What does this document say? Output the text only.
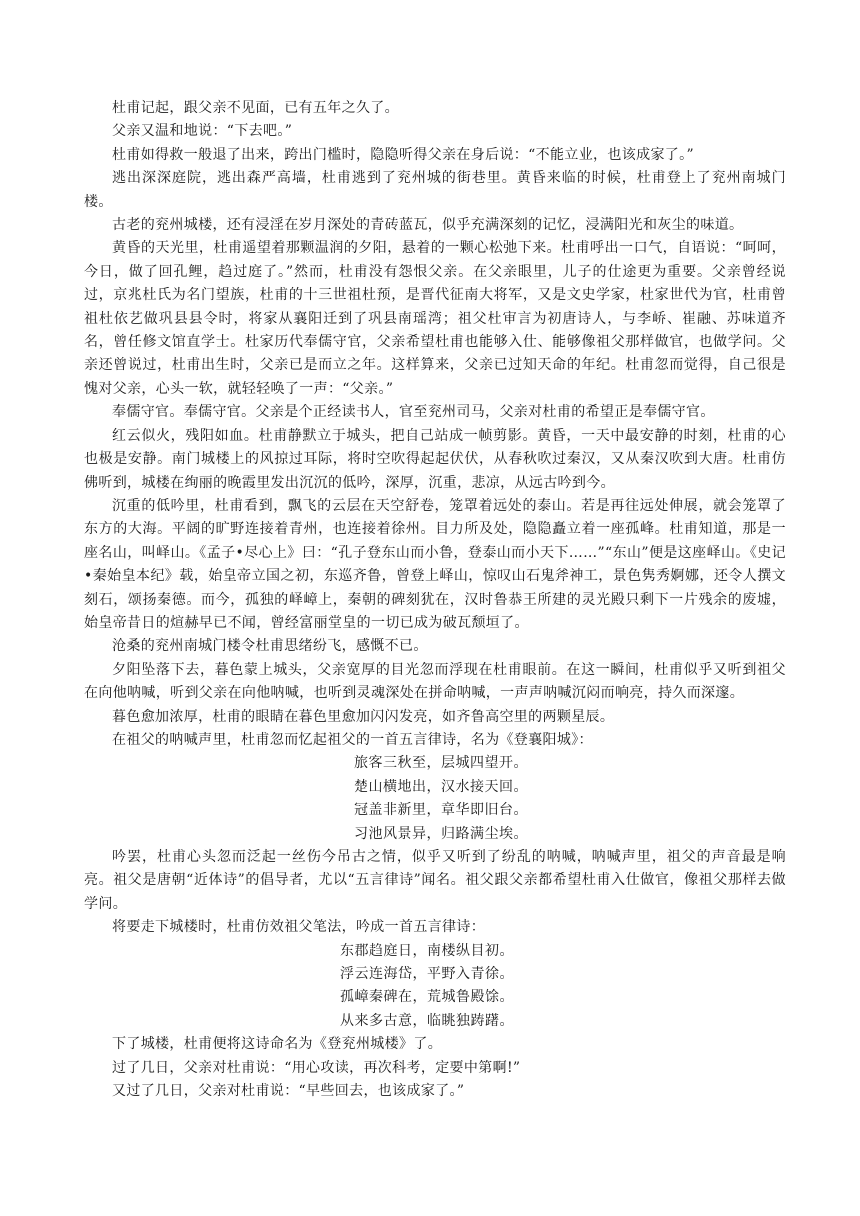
杜甫记起，跟父亲不见面，已有五年之久了。

父亲又温和地说：“下去吧。”

杜甫如得救一般退了出来，跨出门槛时，隐隐听得父亲在身后说：“不能立业，也该成家了。”

逃出深深庭院，逃出森严高墙，杜甫逃到了兖州城的街巷里。黄昏来临的时候，杜甫登上了兖州南城门楼。

古老的兖州城楼，还有浸淫在岁月深处的青砖蓝瓦，似乎充满深刻的记忆，浸满阳光和灰尘的味道。

黄昏的天光里，杜甫遥望着那颗温润的夕阳，悬着的一颗心松弛下来。杜甫呼出一口气，自语说：“呵呵，今日，做了回孔鲤，趋过庭了。”然而，杜甫没有怨恨父亲。在父亲眼里，儿子的仕途更为重要。父亲曾经说过，京兆杜氏为名门望族，杜甫的十三世祖杜预，是晋代征南大将军，又是文史学家，杜家世代为官，杜甫曾祖杜依艺做巩县县令时，将家从襄阳迁到了巩县南瑶湾；祖父杜审言为初唐诗人，与李峤、崔融、苏味道齐名，曾任修文馆直学士。杜家历代奉儒守官，父亲希望杜甫也能够入仕、能够像祖父那样做官，也做学问。父亲还曾说过，杜甫出生时，父亲已是而立之年。这样算来，父亲已过知天命的年纪。杜甫忽而觉得，自己很是愧对父亲，心头一软，就轻轻唤了一声：“父亲。”

奉儒守官。奉儒守官。父亲是个正经读书人，官至兖州司马，父亲对杜甫的希望正是奉儒守官。

红云似火，残阳如血。杜甫静默立于城头，把自己站成一帧剪影。黄昏，一天中最安静的时刻，杜甫的心也极是安静。南门城楼上的风掠过耳际，将时空吹得起起伏伏，从春秋吹过秦汉，又从秦汉吹到大唐。杜甫仿佛听到，城楼在绚丽的晚霞里发出沉沉的低吟，深厚，沉重，悲凉，从远古吟到今。

沉重的低吟里，杜甫看到，飘飞的云层在天空舒卷，笼罩着远处的泰山。若是再往远处伸展，就会笼罩了东方的大海。平阔的旷野连接着青州，也连接着徐州。目力所及处，隐隐矗立着一座孤峰。杜甫知道，那是一座名山，叫峄山。《孟子•尽心上》曰：“孔子登东山而小鲁，登泰山而小天下……”“东山”便是这座峄山。《史记•秦始皇本纪》载，始皇帝立国之初，东巡齐鲁，曾登上峄山，惊叹山石鬼斧神工，景色隽秀婀娜，还令人撰文刻石，颂扬秦德。而今，孤独的峄嶂上，秦朝的碑刻犹在，汉时鲁恭王所建的灵光殿只剩下一片残余的废墟，始皇帝昔日的煊赫早已不闻，曾经富丽堂皇的一切已成为破瓦颓垣了。

沧桑的兖州南城门楼令杜甫思绪纷飞，感慨不已。

夕阳坠落下去，暮色蒙上城头，父亲宽厚的目光忽而浮现在杜甫眼前。在这一瞬间，杜甫似乎又听到祖父在向他呐喊，听到父亲在向他呐喊，也听到灵魂深处在拼命呐喊，一声声呐喊沉闷而响亮，持久而深邃。

暮色愈加浓厚，杜甫的眼睛在暮色里愈加闪闪发亮，如齐鲁高空里的两颗星辰。

在祖父的呐喊声里，杜甫忽而忆起祖父的一首五言律诗，名为《登襄阳城》：

旅客三秋至，层城四望开。

楚山横地出，汉水接天回。

冠盖非新里，章华即旧台。

习池风景异，归路满尘埃。

吟罢，杜甫心头忽而泛起一丝伤今吊古之情，似乎又听到了纷乱的呐喊，呐喊声里，祖父的声音最是响亮。祖父是唐朝“近体诗”的倡导者，尤以“五言律诗”闻名。祖父跟父亲都希望杜甫入仕做官，像祖父那样去做学问。

将要走下城楼时，杜甫仿效祖父笔法，吟成一首五言律诗：

东郡趋庭日，南楼纵目初。

浮云连海岱，平野入青徐。

孤嶂秦碑在，荒城鲁殿馀。

从来多古意，临眺独踌躇。

下了城楼，杜甫便将这诗命名为《登兖州城楼》了。

过了几日，父亲对杜甫说：“用心攻读，再次科考，定要中第啊!”

又过了几日，父亲对杜甫说：“早些回去，也该成家了。”
